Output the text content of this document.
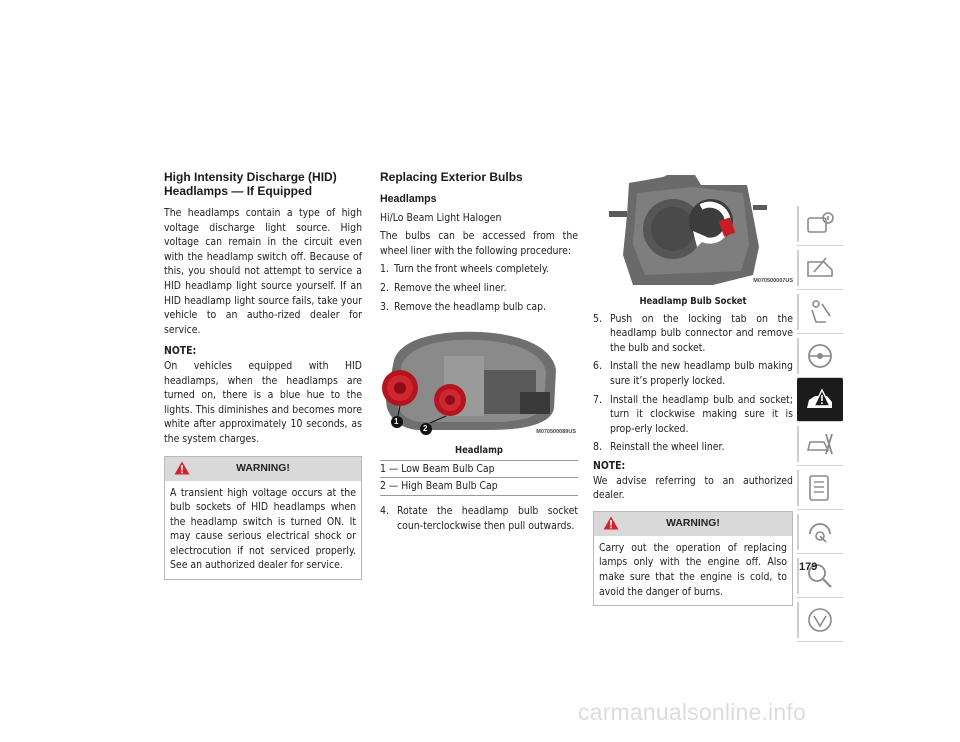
High Intensity Discharge (HID) Headlamps — If Equipped

The headlamps contain a type of high voltage discharge light source. High voltage can remain in the circuit even with the headlamp switch off. Because of this, you should not attempt to service a HID headlamp light source yourself. If an HID headlamp light source fails, take your vehicle to an autho-rized dealer for service.

NOTE:

On vehicles equipped with HID headlamps, when the headlamps are turned on, there is a blue hue to the lights. This diminishes and becomes more white after approximately 10 seconds, as the system charges.

WARNING!
A transient high voltage occurs at the bulb sockets of HID headlamps when the headlamp switch is turned ON. It may cause serious electrical shock or electrocution if not serviced properly. See an authorized dealer for service.
Replacing Exterior Bulbs
Headlamps
Hi/Lo Beam Light Halogen

The bulbs can be accessed from the wheel liner with the following procedure:

1. Turn the front wheels completely.
2. Remove the wheel liner.
3. Remove the headlamp bulb cap.
1
2	M070500089US
Headlamp
1 — Low Beam Bulb Cap
2 — High Beam Bulb Cap
4. Rotate the headlamp bulb socket coun-terclockwise then pull outwards.
M070500007US
Headlamp Bulb Socket
5. Push on the locking tab on the headlamp bulb connector and remove the bulb and socket.
6. Install the new headlamp bulb making sure it’s properly locked.
7. Install the headlamp bulb and socket; turn it clockwise making sure it is prop-erly locked.
8. Reinstall the wheel liner.
NOTE:

We advise referring to an authorized dealer.

WARNING!
Carry out the operation of replacing lamps only with the engine off. Also make sure that the engine is cold, to avoid the danger of burns.
179
carmanualsonline.info
